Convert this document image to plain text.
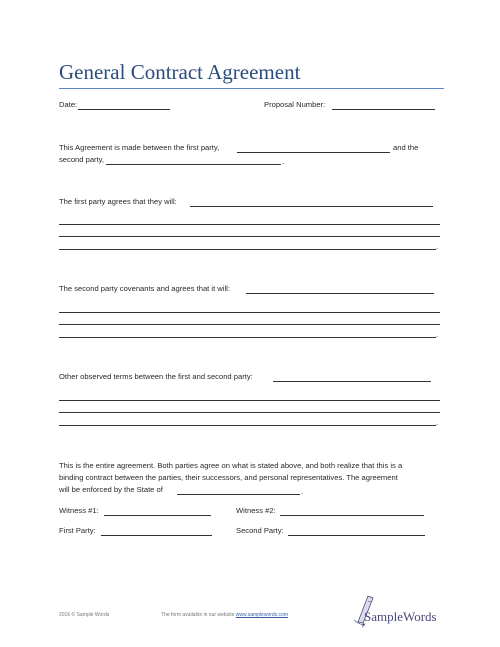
General Contract Agreement
Date:	Proposal Number:
This Agreement is made between the first party,	and the
second party,	.
The first party agrees that they will:
.
The second party covenants and agrees that it will:
.
Other observed terms between the first and second party:
.
This is the entire agreement. Both parties agree on what is stated above, and both realize that this is a
binding contract between the parties, their successors, and personal representatives. The agreement
will be enforced by the State of	.
Witness #1:	Witness #2:
First Party:	Second Party:
2016 © Sample Words	The form available in our website www.samplewords.com	SampleWords
